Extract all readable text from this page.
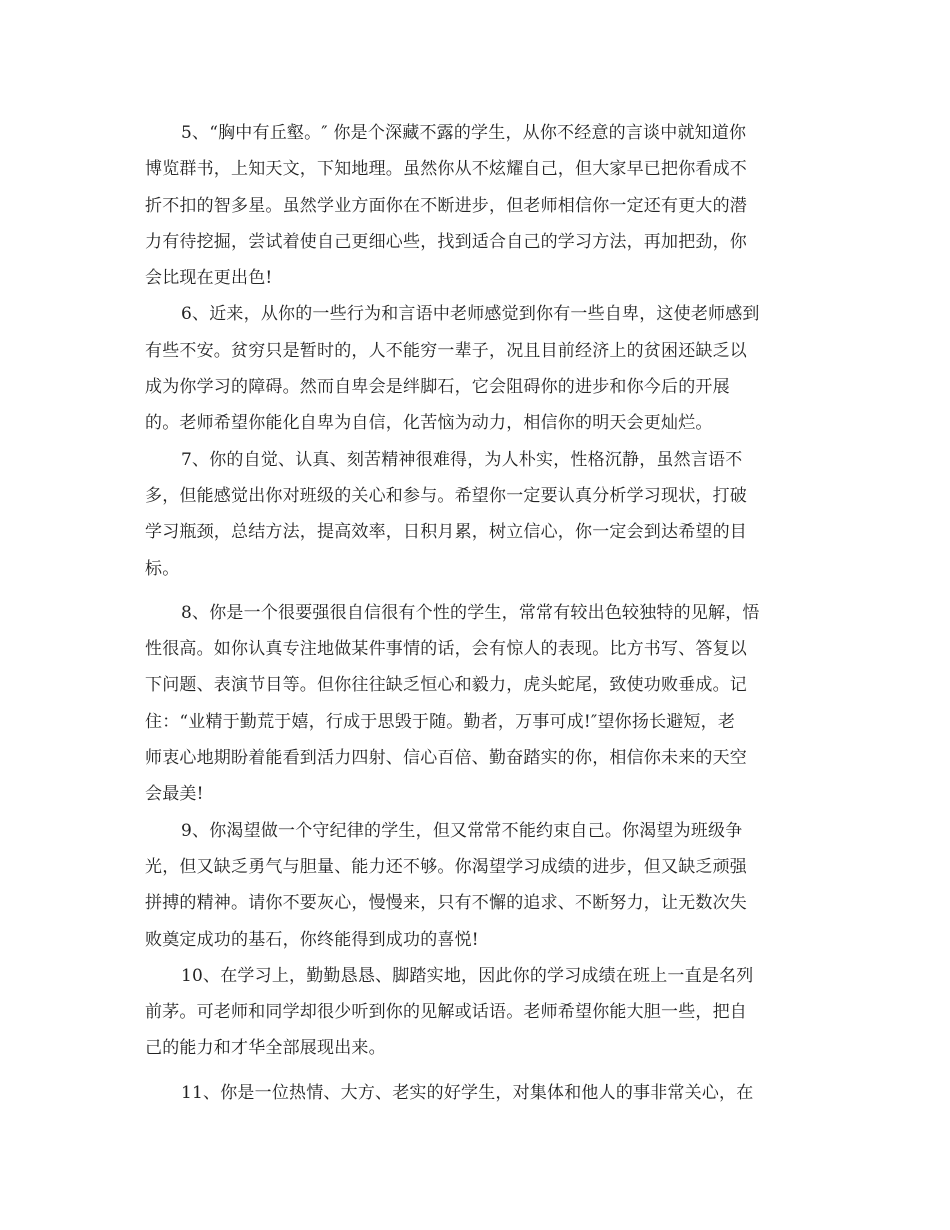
5、“胸中有丘壑。″ 你是个深藏不露的学生，从你不经意的言谈中就知道你
博览群书，上知天文，下知地理。虽然你从不炫耀自己，但大家早已把你看成不
折不扣的智多星。虽然学业方面你在不断进步，但老师相信你一定还有更大的潜
力有待挖掘，尝试着使自己更细心些，找到适合自己的学习方法，再加把劲，你
会比现在更出色!

6、近来，从你的一些行为和言语中老师感觉到你有一些自卑，这使老师感到
有些不安。贫穷只是暂时的，人不能穷一辈子，况且目前经济上的贫困还缺乏以
成为你学习的障碍。然而自卑会是绊脚石，它会阻碍你的进步和你今后的开展
的。老师希望你能化自卑为自信，化苦恼为动力，相信你的明天会更灿烂。

7、你的自觉、认真、刻苦精神很难得，为人朴实，性格沉静，虽然言语不
多，但能感觉出你对班级的关心和参与。希望你一定要认真分析学习现状，打破
学习瓶颈，总结方法，提高效率，日积月累，树立信心，你一定会到达希望的目
标。

8、你是一个很要强很自信很有个性的学生，常常有较出色较独特的见解，悟
性很高。如你认真专注地做某件事情的话，会有惊人的表现。比方书写、答复以
下问题、表演节目等。但你往往缺乏恒心和毅力，虎头蛇尾，致使功败垂成。记
住：“业精于勤荒于嬉，行成于思毁于随。勤者，万事可成!″望你扬长避短，老
师衷心地期盼着能看到活力四射、信心百倍、勤奋踏实的你，相信你未来的天空
会最美!

9、你渴望做一个守纪律的学生，但又常常不能约束自己。你渴望为班级争
光，但又缺乏勇气与胆量、能力还不够。你渴望学习成绩的进步，但又缺乏顽强
拼搏的精神。请你不要灰心，慢慢来，只有不懈的追求、不断努力，让无数次失
败奠定成功的基石，你终能得到成功的喜悦!

10、在学习上，勤勤恳恳、脚踏实地，因此你的学习成绩在班上一直是名列
前茅。可老师和同学却很少听到你的见解或话语。老师希望你能大胆一些，把自
己的能力和才华全部展现出来。

11、你是一位热情、大方、老实的好学生，对集体和他人的事非常关心，在
